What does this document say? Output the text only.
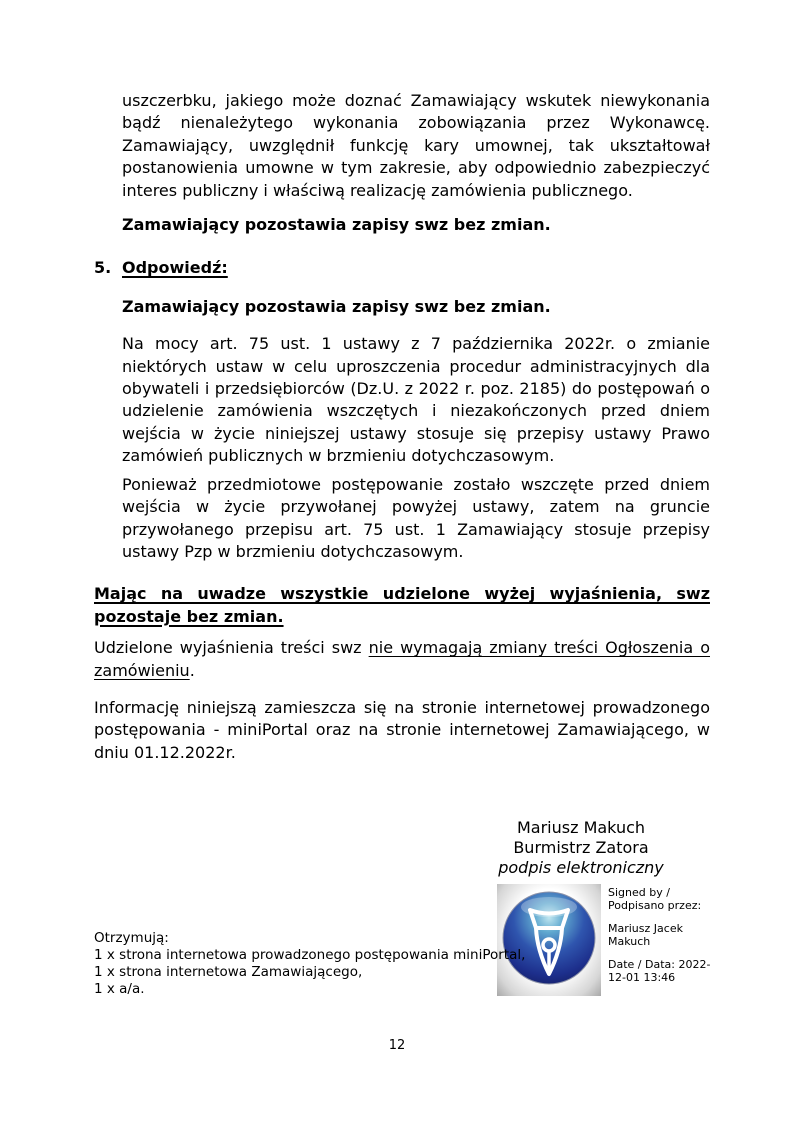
uszczerbku, jakiego może doznać Zamawiający wskutek niewykonania bądź nienależytego wykonania zobowiązania przez Wykonawcę. Zamawiający, uwzględnił funkcję kary umownej, tak ukształtował postanowienia umowne w tym zakresie, aby odpowiednio zabezpieczyć interes publiczny i właściwą realizację zamówienia publicznego.

Zamawiający pozostawia zapisy swz bez zmian.

5. Odpowiedź:

Zamawiający pozostawia zapisy swz bez zmian.

Na mocy art. 75 ust. 1 ustawy z 7 października 2022r. o zmianie niektórych ustaw w celu uproszczenia procedur administracyjnych dla obywateli i przedsiębiorców (Dz.U. z 2022 r. poz. 2185) do postępowań o udzielenie zamówienia wszczętych i niezakończonych przed dniem wejścia w życie niniejszej ustawy stosuje się przepisy ustawy Prawo zamówień publicznych w brzmieniu dotychczasowym.

Ponieważ przedmiotowe postępowanie zostało wszczęte przed dniem wejścia w życie przywołanej powyżej ustawy, zatem na gruncie przywołanego przepisu art. 75 ust. 1 Zamawiający stosuje przepisy ustawy Pzp w brzmieniu dotychczasowym.

Mając na uwadze wszystkie udzielone wyżej wyjaśnienia, swz pozostaje bez zmian.

Udzielone wyjaśnienia treści swz nie wymagają zmiany treści Ogłoszenia o zamówieniu.

Informację niniejszą zamieszcza się na stronie internetowej prowadzonego postępowania - miniPortal oraz na stronie internetowej Zamawiającego, w dniu 01.12.2022r.

Mariusz Makuch
Burmistrz Zatora
podpis elektroniczny
Signed by /
Podpisano przez:
Mariusz Jacek
Makuch
Date / Data: 2022-
12-01 13:46
Otrzymują:
1 x strona internetowa prowadzonego postępowania miniPortal,
1 x strona internetowa Zamawiającego,
1 x a/a.
12
